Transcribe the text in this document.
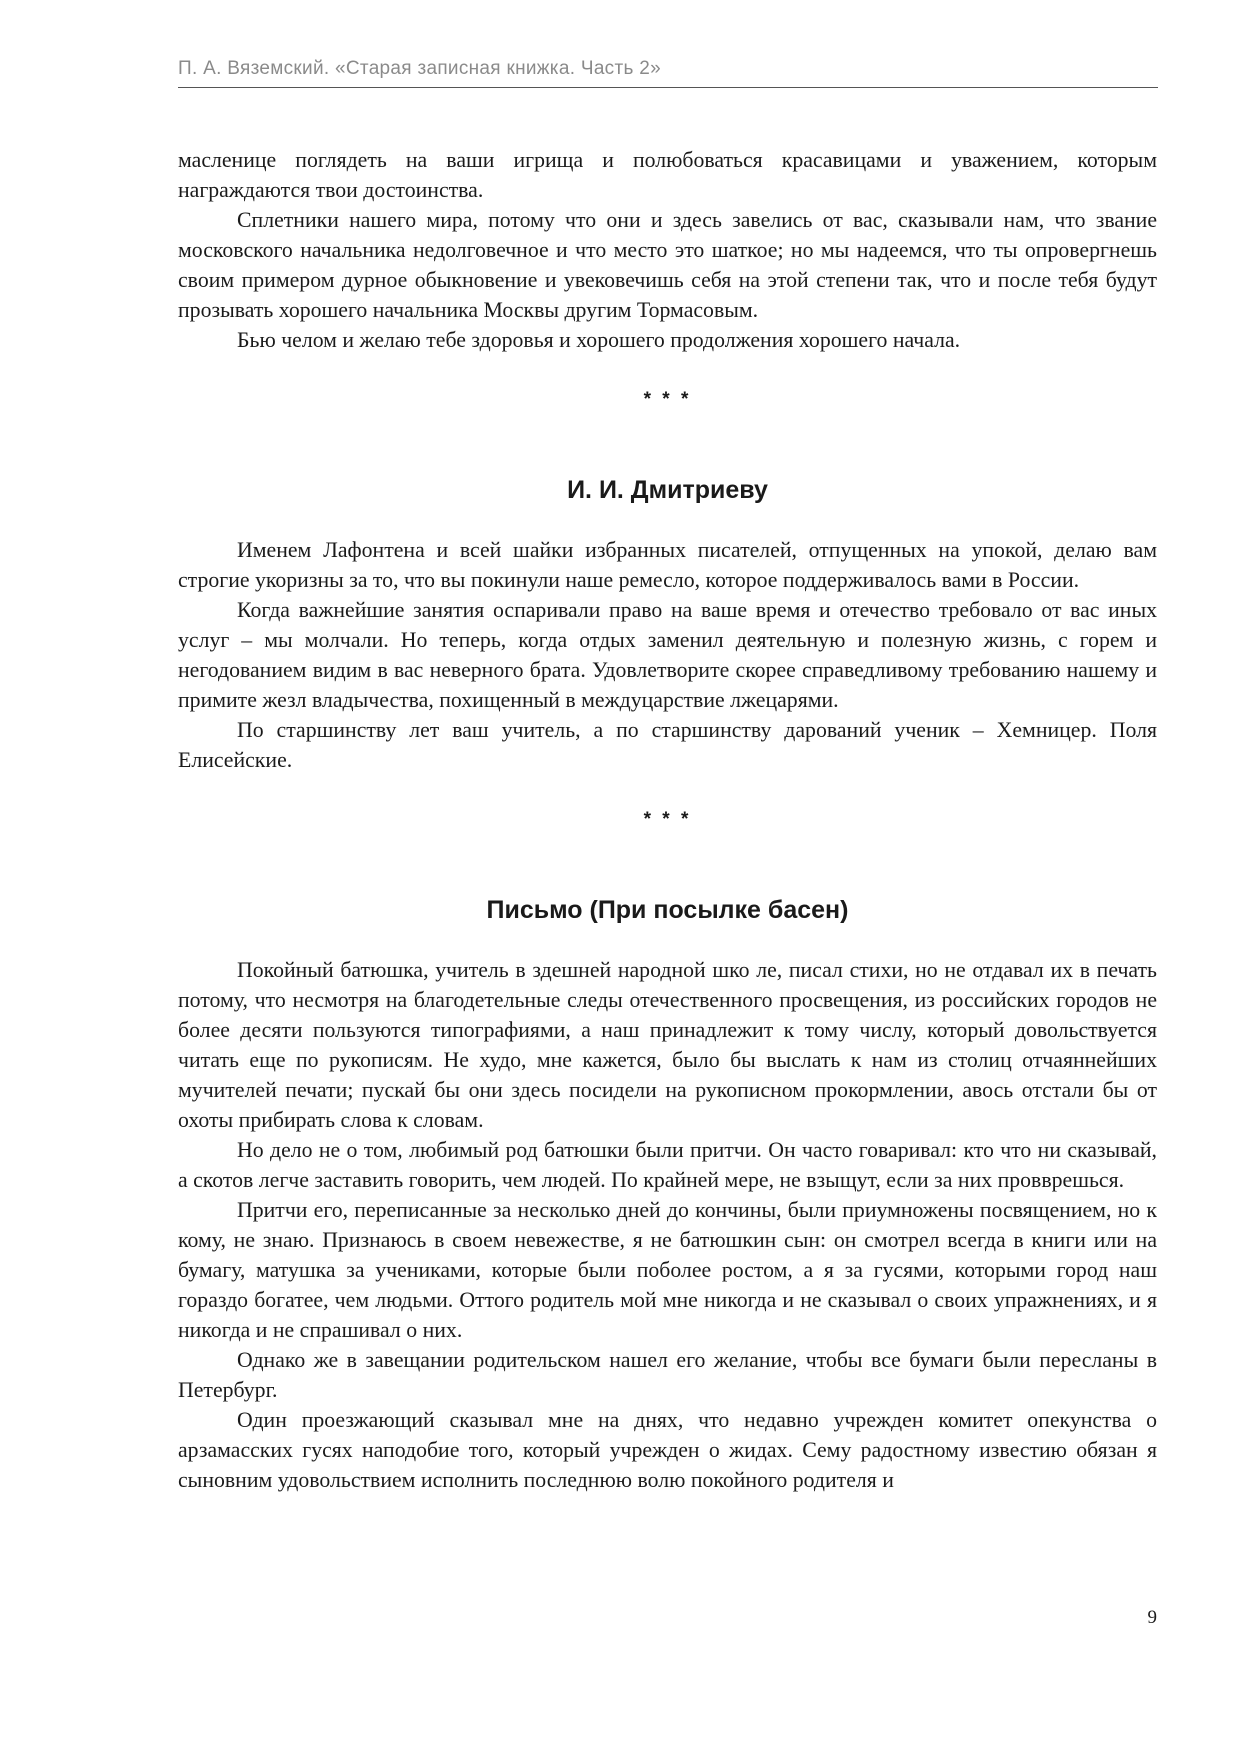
П. А. Вяземский. «Старая записная книжка. Часть 2»

масленице поглядеть на ваши игрища и полюбоваться красавицами и уважением, которым награждаются твои достоинства.

Сплетники нашего мира, потому что они и здесь завелись от вас, сказывали нам, что звание московского начальника недолговечное и что место это шаткое; но мы надеемся, что ты опровергнешь своим примером дурное обыкновение и увековечишь себя на этой степени так, что и после тебя будут прозывать хорошего начальника Москвы другим Тормасовым.

Бью челом и желаю тебе здоровья и хорошего продолжения хорошего начала.

* * *
И. И. Дмитриеву

Именем Лафонтена и всей шайки избранных писателей, отпущенных на упокой, делаю вам строгие укоризны за то, что вы покинули наше ремесло, которое поддерживалось вами в России.

Когда важнейшие занятия оспаривали право на ваше время и отечество требовало от вас иных услуг – мы молчали. Но теперь, когда отдых заменил деятельную и полезную жизнь, с горем и негодованием видим в вас неверного брата. Удовлетворите скорее справедливому требованию нашему и примите жезл владычества, похищенный в междуцарствие лжецарями.

По старшинству лет ваш учитель, а по старшинству дарований ученик – Хемницер. Поля Елисейские.

* * *
Письмо (При посылке басен)

Покойный батюшка, учитель в здешней народной шко ле, писал стихи, но не отдавал их в печать потому, что несмотря на благодетельные следы отечественного просвещения, из российских городов не более десяти пользуются типографиями, а наш принадлежит к тому числу, который довольствуется читать еще по рукописям. Не худо, мне кажется, было бы выслать к нам из столиц отчаяннейших мучителей печати; пускай бы они здесь посидели на рукописном прокормлении, авось отстали бы от охоты прибирать слова к словам.

Но дело не о том, любимый род батюшки были притчи. Он часто говаривал: кто что ни сказывай, а скотов легче заставить говорить, чем людей. По крайней мере, не взыщут, если за них провврешься.

Притчи его, переписанные за несколько дней до кончины, были приумножены посвящением, но к кому, не знаю. Признаюсь в своем невежестве, я не батюшкин сын: он смотрел всегда в книги или на бумагу, матушка за учениками, которые были поболее ростом, а я за гусями, которыми город наш гораздо богатее, чем людьми. Оттого родитель мой мне никогда и не сказывал о своих упражнениях, и я никогда и не спрашивал о них.

Однако же в завещании родительском нашел его желание, чтобы все бумаги были пересланы в Петербург.

Один проезжающий сказывал мне на днях, что недавно учрежден комитет опекунства о арзамасских гусях наподобие того, который учрежден о жидах. Сему радостному известию обязан я сыновним удовольствием исполнить последнюю волю покойного родителя и

9
